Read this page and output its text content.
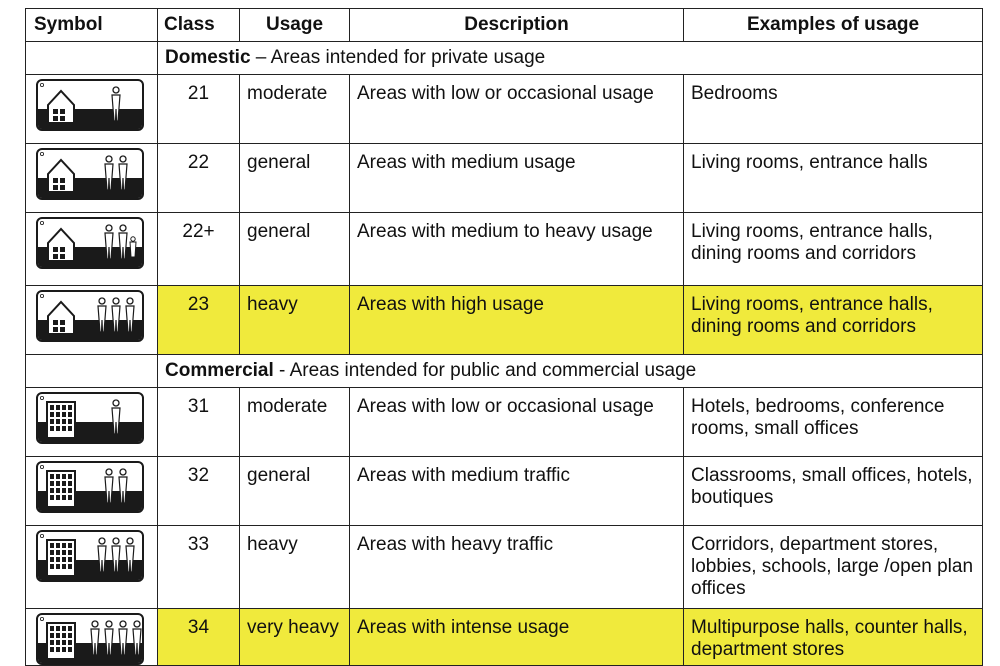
Symbol	Class	Usage	Description	Examples of usage
	Domestic – Areas intended for private usage			

	21	moderate	Areas with low or occasional usage	Bedrooms

	22	general	Areas with medium usage	Living rooms, entrance halls

	22+	general	Areas with medium to heavy usage	Living rooms, entrance halls, dining rooms and corridors

	23	heavy	Areas with high usage	Living rooms, entrance halls, dining rooms and corridors
	Commercial - Areas intended for public and commercial usage			

	31	moderate	Areas with low or occasional usage	Hotels, bedrooms, conference rooms, small offices

	32	general	Areas with medium traffic	Classrooms, small offices, hotels, boutiques

	33	heavy	Areas with heavy traffic	Corridors, department stores, lobbies, schools, large /open plan offices

	34	very heavy	Areas with intense usage	Multipurpose halls, counter halls, department stores
